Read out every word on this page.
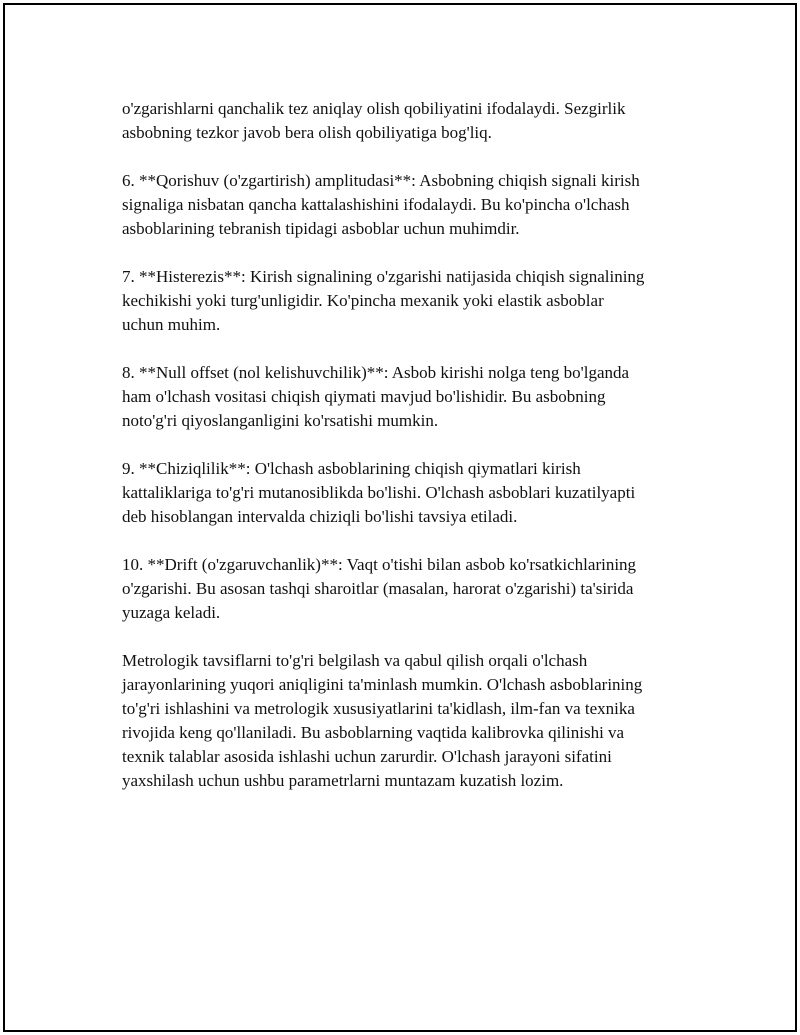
o'zgarishlarni qanchalik tez aniqlay olish qobiliyatini ifodalaydi. Sezgirlik
asbobning tezkor javob bera olish qobiliyatiga bog'liq.

6. **Qorishuv (o'zgartirish) amplitudasi**: Asbobning chiqish signali kirish
signaliga nisbatan qancha kattalashishini ifodalaydi. Bu ko'pincha o'lchash
asboblarining tebranish tipidagi asboblar uchun muhimdir.

7. **Histerezis**: Kirish signalining o'zgarishi natijasida chiqish signalining
kechikishi yoki turg'unligidir. Ko'pincha mexanik yoki elastik asboblar
uchun muhim.

8. **Null offset (nol kelishuvchilik)**: Asbob kirishi nolga teng bo'lganda
ham o'lchash vositasi chiqish qiymati mavjud bo'lishidir. Bu asbobning
noto'g'ri qiyoslanganligini ko'rsatishi mumkin.

9. **Chiziqlilik**: O'lchash asboblarining chiqish qiymatlari kirish
kattaliklariga to'g'ri mutanosiblikda bo'lishi. O'lchash asboblari kuzatilyapti
deb hisoblangan intervalda chiziqli bo'lishi tavsiya etiladi.

10. **Drift (o'zgaruvchanlik)**: Vaqt o'tishi bilan asbob ko'rsatkichlarining
o'zgarishi. Bu asosan tashqi sharoitlar (masalan, harorat o'zgarishi) ta'sirida
yuzaga keladi.

Metrologik tavsiflarni to'g'ri belgilash va qabul qilish orqali o'lchash
jarayonlarining yuqori aniqligini ta'minlash mumkin. O'lchash asboblarining
to'g'ri ishlashini va metrologik xususiyatlarini ta'kidlash, ilm-fan va texnika
rivojida keng qo'llaniladi. Bu asboblarning vaqtida kalibrovka qilinishi va
texnik talablar asosida ishlashi uchun zarurdir. O'lchash jarayoni sifatini
yaxshilash uchun ushbu parametrlarni muntazam kuzatish lozim.
